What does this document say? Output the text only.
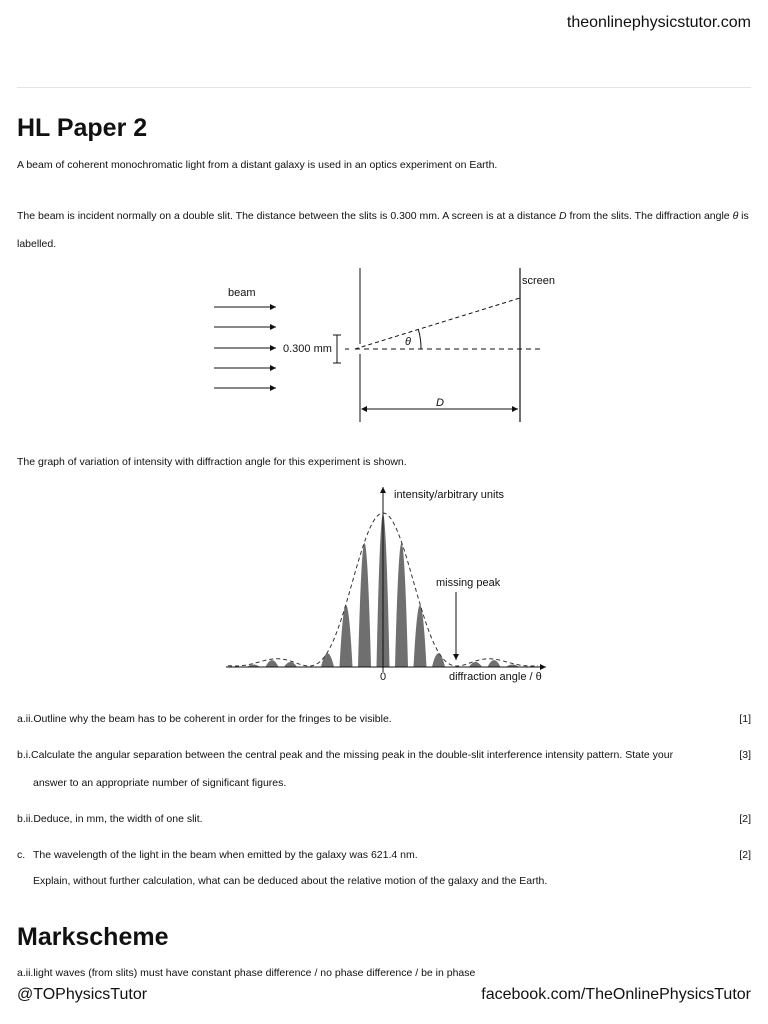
theonlinephysicstutor.com
HL Paper 2
A beam of coherent monochromatic light from a distant galaxy is used in an optics experiment on Earth.
The beam is incident normally on a double slit. The distance between the slits is 0.300 mm. A screen is at a distance D from the slits. The diffraction angle θ is labelled.
beam
0.300 mm
screen
θ
D
The graph of variation of intensity with diffraction angle for this experiment is shown.
intensity/arbitrary units
0	diffraction angle / θ
missing peak
a.ii.Outline why the beam has to be coherent in order for the fringes to be visible.	[1]
b.i.Calculate the angular separation between the central peak and the missing peak in the double-slit interference intensity pattern. State your
answer to an appropriate number of significant figures.
[3]
b.ii.Deduce, in mm, the width of one slit.	[2]
c. The wavelength of the light in the beam when emitted by the galaxy was 621.4 nm.
Explain, without further calculation, what can be deduced about the relative motion of the galaxy and the Earth.
[2]
Markscheme
a.ii.light waves (from slits) must have constant phase difference / no phase difference / be in phase
@TOPhysicsTutor	facebook.com/TheOnlinePhysicsTutor
